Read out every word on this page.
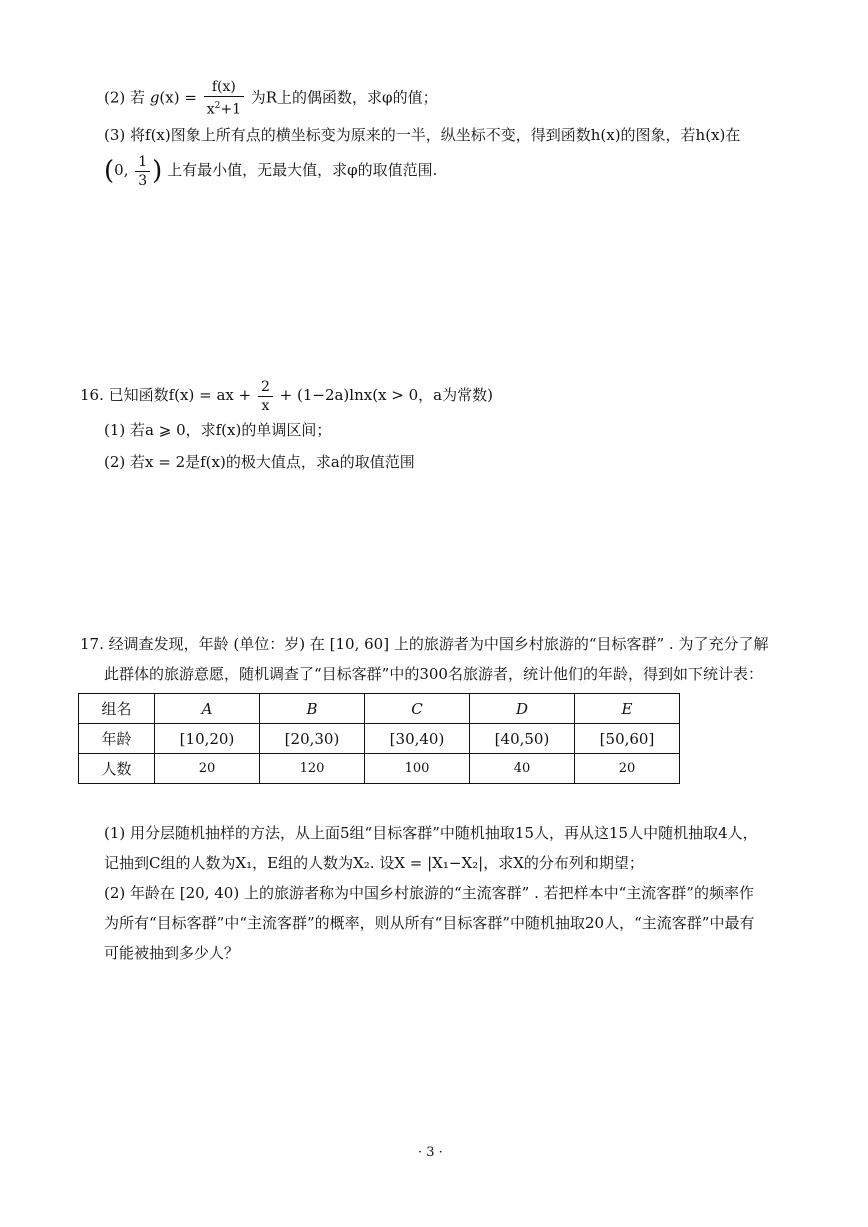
(2) 若 $g(x) = \frac{f(x)}{x^2+1}$ 为R上的偶函数，求φ的值；
(3) 将f(x)图象上所有点的横坐标变为原来的一半，纵坐标不变，得到函数h(x)的图象，若h(x)在
(0, $\frac{1}{3}$ ) 上有最小值，无最大值，求φ的取值范围.
16. 已知函数f(x) = ax + $\frac{2}{x} + (1-2a)\ln x(x > 0$，a为常数)
(1) 若a ⩾ 0，求f(x)的单调区间；
(2) 若x = 2是f(x)的极大值点，求a的取值范围
17. 经调查发现，年龄 (单位：岁) 在 [10, 60] 上的旅游者为中国乡村旅游的“目标客群” . 为了充分了解
此群体的旅游意愿，随机调查了“目标客群”中的300名旅游者，统计他们的年龄，得到如下统计表：
组名	A	B	C	D	E
年龄	[10,20)	[20,30)	[30,40)	[40,50)	[50,60]
人数	20	120	100	40	20
(1) 用分层随机抽样的方法，从上面5组“目标客群”中随机抽取15人，再从这15人中随机抽取4人，
记抽到C组的人数为X₁，E组的人数为X₂. 设X = |X₁−X₂|，求X的分布列和期望；
(2) 年龄在 [20, 40) 上的旅游者称为中国乡村旅游的“主流客群” . 若把样本中“主流客群”的频率作
为所有“目标客群”中“主流客群”的概率，则从所有“目标客群”中随机抽取20人，“主流客群”中最有
可能被抽到多少人？
· 3 ·
